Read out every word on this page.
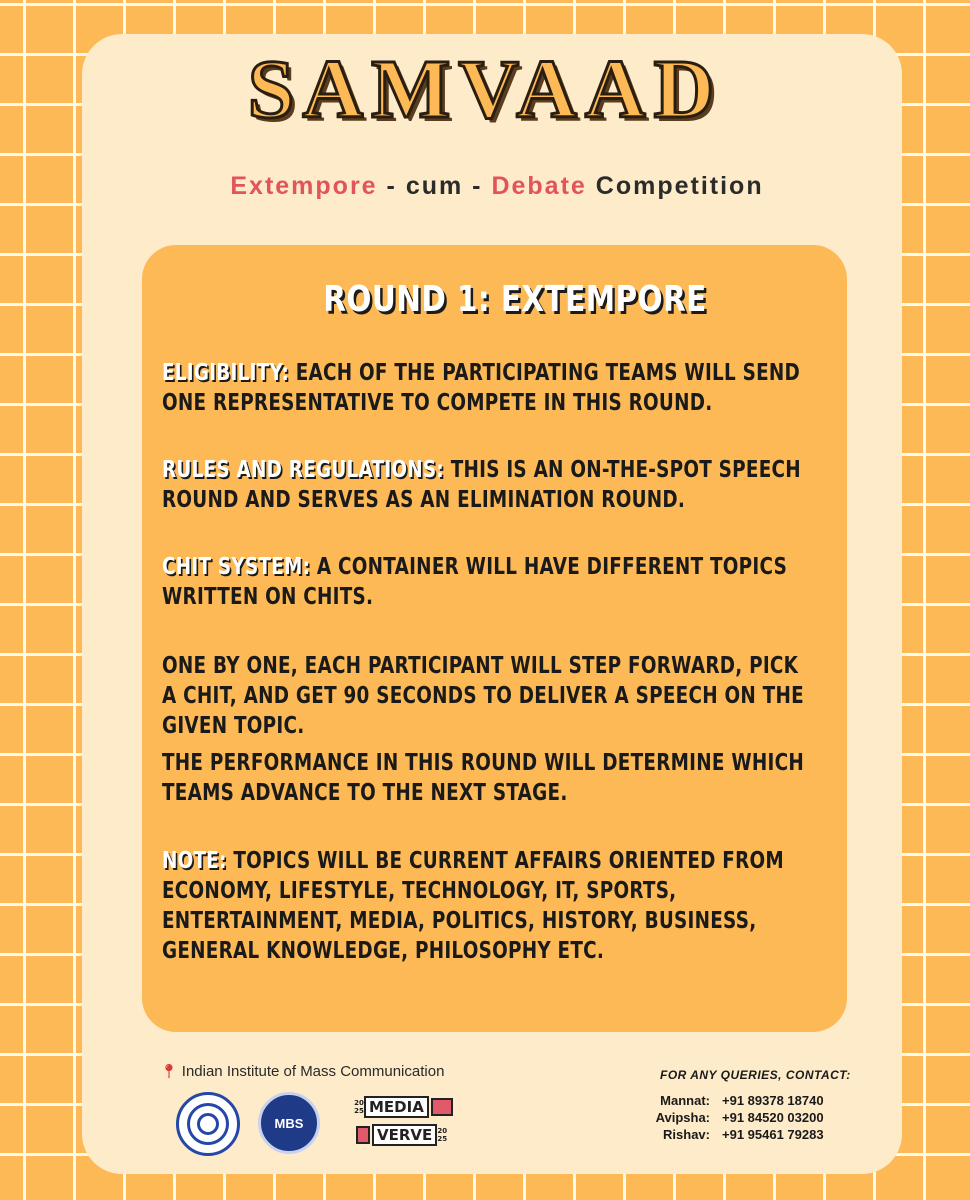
SAMVAAD
Extempore - cum - Debate Competition
ROUND 1: EXTEMPORE
ELIGIBILITY: EACH OF THE PARTICIPATING TEAMS WILL SEND ONE REPRESENTATIVE TO COMPETE IN THIS ROUND.
RULES AND REGULATIONS: THIS IS AN ON-THE-SPOT SPEECH ROUND AND SERVES AS AN ELIMINATION ROUND.
CHIT SYSTEM: A CONTAINER WILL HAVE DIFFERENT TOPICS WRITTEN ON CHITS.
ONE BY ONE, EACH PARTICIPANT WILL STEP FORWARD, PICK A CHIT, AND GET 90 SECONDS TO DELIVER A SPEECH ON THE GIVEN TOPIC.
THE PERFORMANCE IN THIS ROUND WILL DETERMINE WHICH TEAMS ADVANCE TO THE NEXT STAGE.
NOTE: TOPICS WILL BE CURRENT AFFAIRS ORIENTED FROM ECONOMY, LIFESTYLE, TECHNOLOGY, IT, SPORTS, ENTERTAINMENT, MEDIA, POLITICS, HISTORY, BUSINESS, GENERAL KNOWLEDGE, PHILOSOPHY ETC.
📍︎ Indian Institute of Mass Communication
MBS
20
25 MEDIA
VERVE 20
25
FOR ANY QUERIES, CONTACT:
Mannat: +91 89378 18740
Avipsha: +91 84520 03200
Rishav: +91 95461 79283
